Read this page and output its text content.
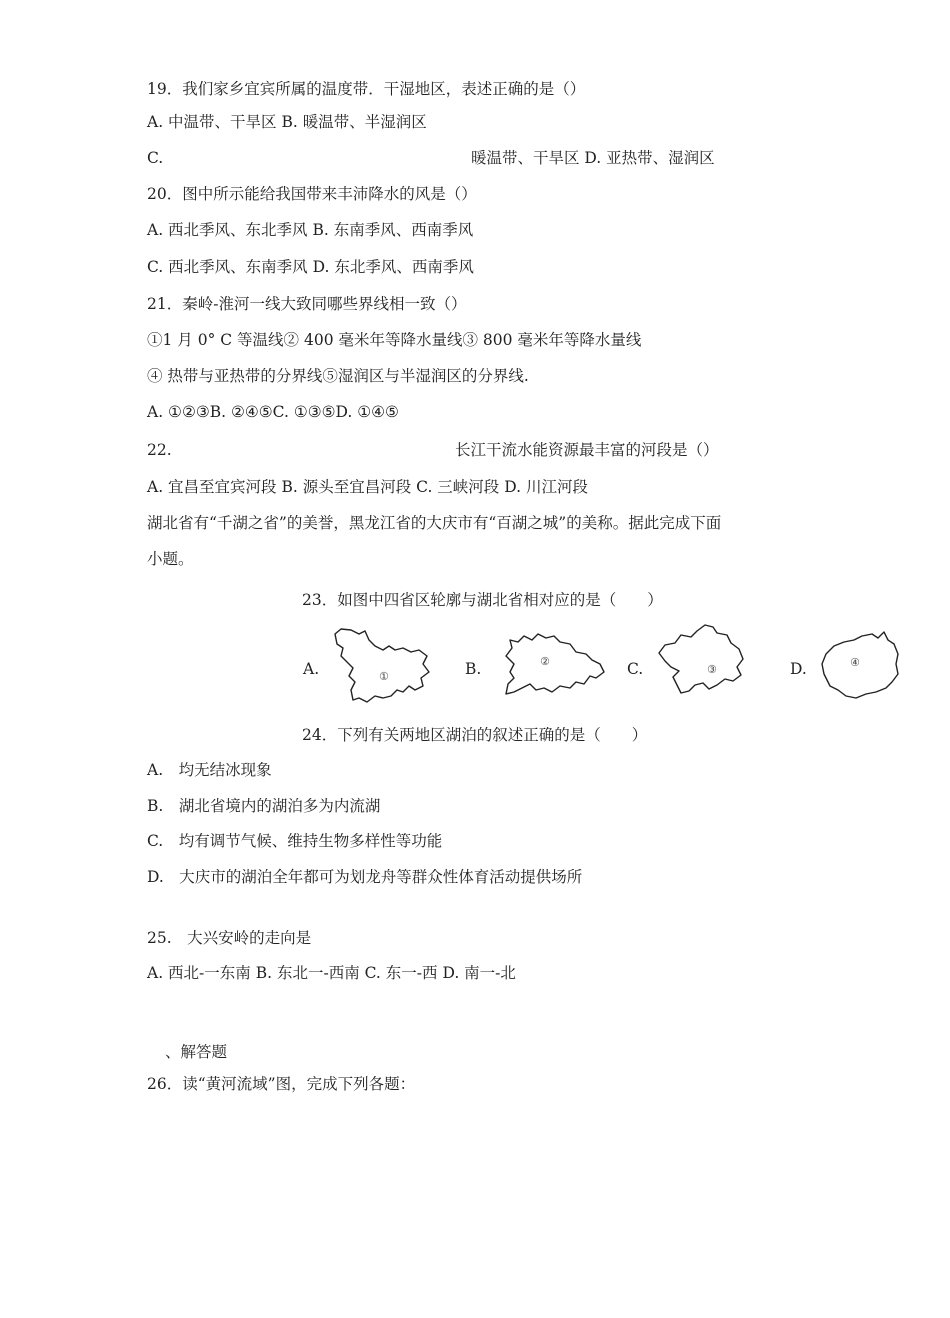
19．我们家乡宜宾所属的温度带．干湿地区，表述正确的是（）
A. 中温带、干旱区 B. 暖温带、半湿润区
C.	暖温带、干旱区 D. 亚热带、湿润区
20．图中所示能给我国带来丰沛降水的风是（）
A. 西北季风、东北季风 B. 东南季风、西南季风
C. 西北季风、东南季风 D. 东北季风、西南季风
21．秦岭-淮河一线大致同哪些界线相一致（）
①1 月 0° C 等温线② 400 毫米年等降水量线③ 800 毫米年等降水量线
④ 热带与亚热带的分界线⑤湿润区与半湿润区的分界线.
A. ①②③B. ②④⑤C. ①③⑤D. ①④⑤
22.	长江干流水能资源最丰富的河段是（）
A. 宜昌至宜宾河段 B. 源头至宜昌河段 C. 三峡河段 D. 川江河段
湖北省有“千湖之省”的美誉，黑龙江省的大庆市有“百湖之城”的美称。据此完成下面
小题。
23．如图中四省区轮廓与湖北省相对应的是（　　）
A.	①	B.	②	C.	③	D.	④
24．下列有关两地区湖泊的叙述正确的是（　　）
A.　均无结冰现象
B.　湖北省境内的湖泊多为内流湖
C.　均有调节气候、维持生物多样性等功能
D.　大庆市的湖泊全年都可为划龙舟等群众性体育活动提供场所
25.　大兴安岭的走向是
A. 西北-一东南 B. 东北一-西南 C. 东一-西 D. 南一-北
、解答题
26．读“黄河流域”图，完成下列各题：
